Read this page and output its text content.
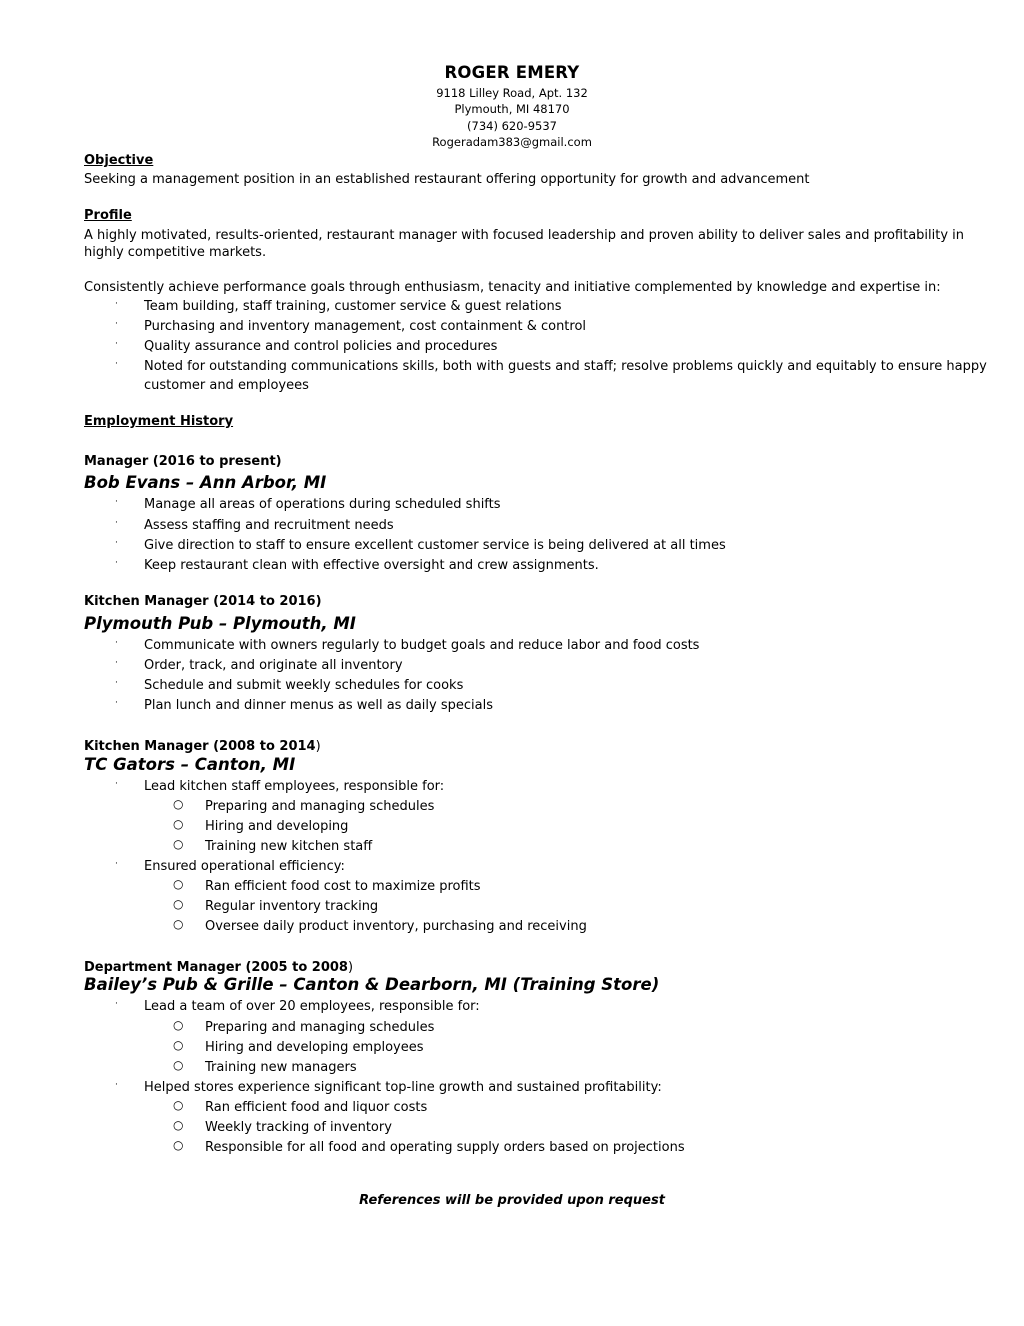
ROGER EMERY
9118 Lilley Road, Apt. 132
Plymouth, MI 48170
(734) 620-9537
Rogeradam383@gmail.com
Objective
Seeking a management position in an established restaurant offering opportunity for growth and advancement
Profile
A highly motivated, results-oriented, restaurant manager with focused leadership and proven ability to deliver sales and profitability in
highly competitive markets.
Consistently achieve performance goals through enthusiasm, tenacity and initiative complemented by knowledge and expertise in:
· Team building, staff training, customer service & guest relations
· Purchasing and inventory management, cost containment & control
· Quality assurance and control policies and procedures
· Noted for outstanding communications skills, both with guests and staff; resolve problems quickly and equitably to ensure happy
customer and employees
Employment History
Manager (2016 to present)
Bob Evans – Ann Arbor, MI
· Manage all areas of operations during scheduled shifts
· Assess staffing and recruitment needs
· Give direction to staff to ensure excellent customer service is being delivered at all times
· Keep restaurant clean with effective oversight and crew assignments.
Kitchen Manager (2014 to 2016)
Plymouth Pub – Plymouth, MI
· Communicate with owners regularly to budget goals and reduce labor and food costs
· Order, track, and originate all inventory
· Schedule and submit weekly schedules for cooks
· Plan lunch and dinner menus as well as daily specials
Kitchen Manager (2008 to 2014)
TC Gators – Canton, MI
· Lead kitchen staff employees, responsible for:
○ Preparing and managing schedules
○ Hiring and developing
○ Training new kitchen staff
· Ensured operational efficiency:
○ Ran efficient food cost to maximize profits
○ Regular inventory tracking
○ Oversee daily product inventory, purchasing and receiving
Department Manager (2005 to 2008)
Bailey’s Pub & Grille – Canton & Dearborn, MI (Training Store)
· Lead a team of over 20 employees, responsible for:
○ Preparing and managing schedules
○ Hiring and developing employees
○ Training new managers
· Helped stores experience significant top-line growth and sustained profitability:
○ Ran efficient food and liquor costs
○ Weekly tracking of inventory
○ Responsible for all food and operating supply orders based on projections
References will be provided upon request
